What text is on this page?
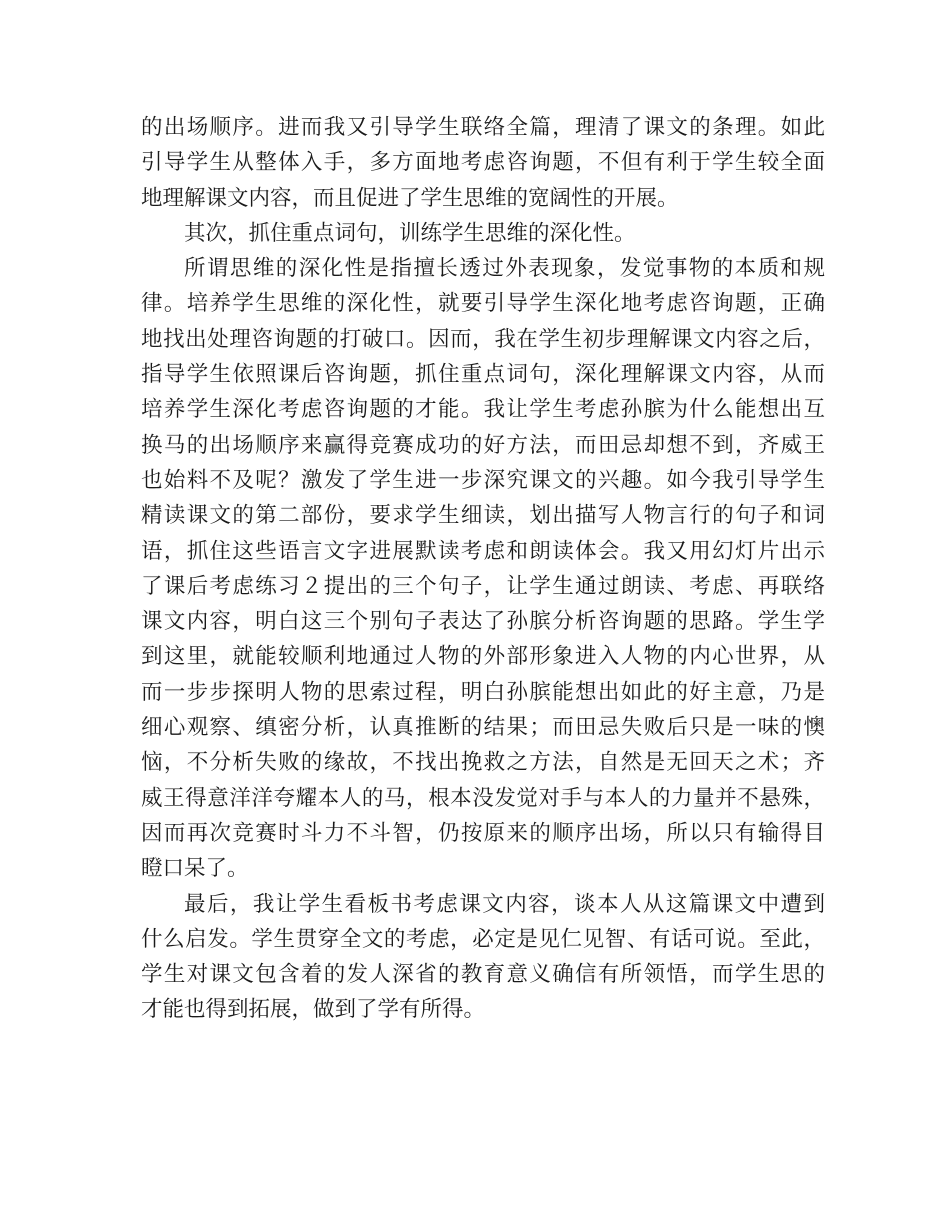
的出场顺序。进而我又引导学生联络全篇，理清了课文的条理。如此
引导学生从整体入手，多方面地考虑咨询题，不但有利于学生较全面
地理解课文内容，而且促进了学生思维的宽阔性的开展。
其次，抓住重点词句，训练学生思维的深化性。
所谓思维的深化性是指擅长透过外表现象，发觉事物的本质和规
律。培养学生思维的深化性，就要引导学生深化地考虑咨询题，正确
地找出处理咨询题的打破口。因而，我在学生初步理解课文内容之后，
指导学生依照课后咨询题，抓住重点词句，深化理解课文内容，从而
培养学生深化考虑咨询题的才能。我让学生考虑孙膑为什么能想出互
换马的出场顺序来赢得竞赛成功的好方法，而田忌却想不到，齐威王
也始料不及呢？激发了学生进一步深究课文的兴趣。如今我引导学生
精读课文的第二部份，要求学生细读，划出描写人物言行的句子和词
语，抓住这些语言文字进展默读考虑和朗读体会。我又用幻灯片出示
了课后考虑练习２提出的三个句子，让学生通过朗读、考虑、再联络
课文内容，明白这三个别句子表达了孙膑分析咨询题的思路。学生学
到这里，就能较顺利地通过人物的外部形象进入人物的内心世界，从
而一步步探明人物的思索过程，明白孙膑能想出如此的好主意，乃是
细心观察、缜密分析，认真推断的结果；而田忌失败后只是一味的懊
恼，不分析失败的缘故，不找出挽救之方法，自然是无回天之术；齐
威王得意洋洋夸耀本人的马，根本没发觉对手与本人的力量并不悬殊，
因而再次竞赛时斗力不斗智，仍按原来的顺序出场，所以只有输得目
瞪口呆了。
最后，我让学生看板书考虑课文内容，谈本人从这篇课文中遭到
什么启发。学生贯穿全文的考虑，必定是见仁见智、有话可说。至此，
学生对课文包含着的发人深省的教育意义确信有所领悟，而学生思的
才能也得到拓展，做到了学有所得。
